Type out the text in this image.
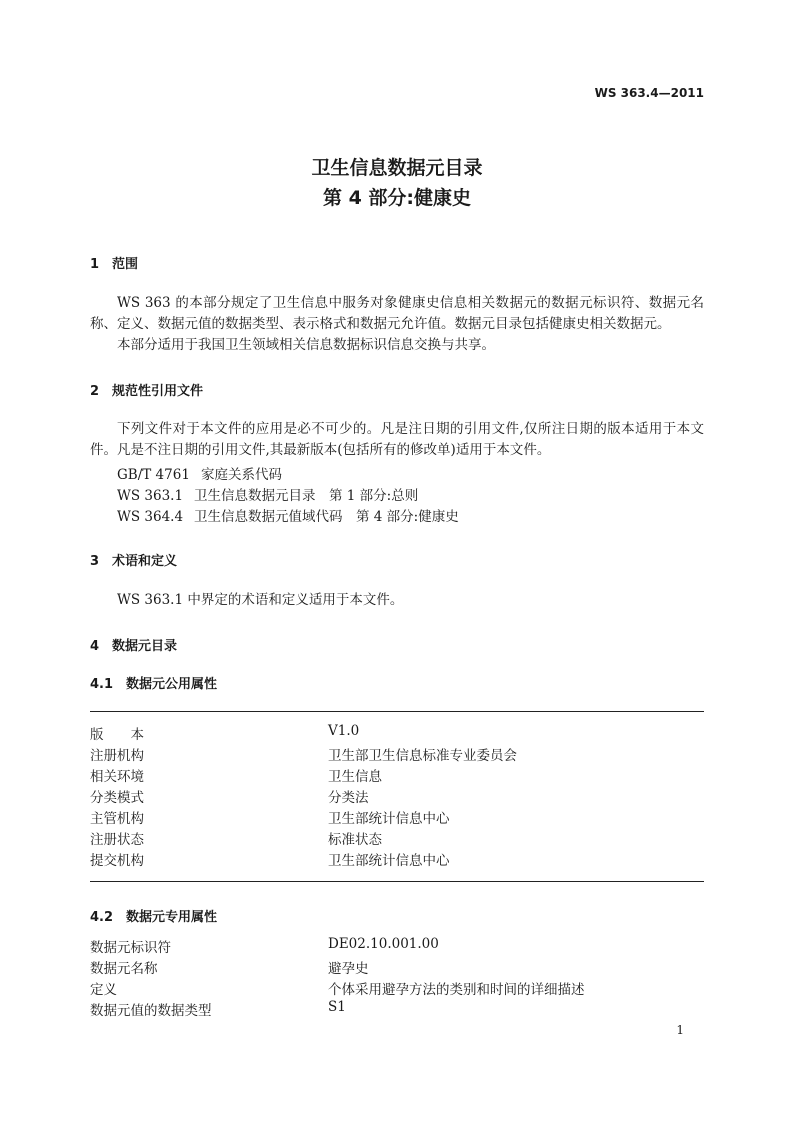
WS 363.4—2011
卫生信息数据元目录
第 4 部分:健康史
1 范围
WS 363 的本部分规定了卫生信息中服务对象健康史信息相关数据元的数据元标识符、数据元名称、定义、数据元值的数据类型、表示格式和数据元允许值。数据元目录包括健康史相关数据元。
本部分适用于我国卫生领域相关信息数据标识信息交换与共享。
2 规范性引用文件
下列文件对于本文件的应用是必不可少的。凡是注日期的引用文件,仅所注日期的版本适用于本文件。凡是不注日期的引用文件,其最新版本(包括所有的修改单)适用于本文件。
GB/T 4761 家庭关系代码
WS 363.1 卫生信息数据元目录　第 1 部分:总则
WS 364.4 卫生信息数据元值域代码　第 4 部分:健康史
3 术语和定义
WS 363.1 中界定的术语和定义适用于本文件。
4 数据元目录
4.1 数据元公用属性
版　　本	V1.0
注册机构	卫生部卫生信息标准专业委员会
相关环境	卫生信息
分类模式	分类法
主管机构	卫生部统计信息中心
注册状态	标准状态
提交机构	卫生部统计信息中心
4.2 数据元专用属性
数据元标识符	DE02.10.001.00
数据元名称	避孕史
定义	个体采用避孕方法的类别和时间的详细描述
数据元值的数据类型	S1
1
